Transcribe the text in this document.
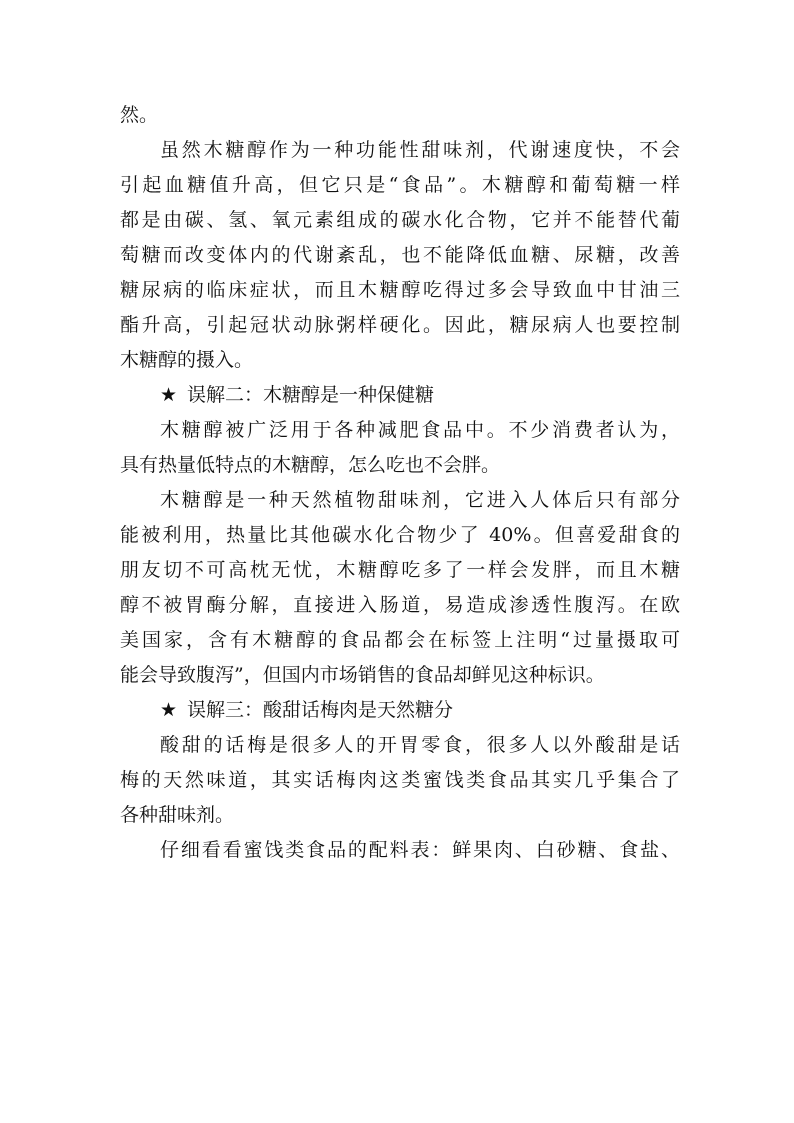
然。
虽然木糖醇作为一种功能性甜味剂，代谢速度快，不会
引起血糖值升高，但它只是“食品”。木糖醇和葡萄糖一样
都是由碳、氢、氧元素组成的碳水化合物，它并不能替代葡
萄糖而改变体内的代谢紊乱，也不能降低血糖、尿糖，改善
糖尿病的临床症状，而且木糖醇吃得过多会导致血中甘油三
酯升高，引起冠状动脉粥样硬化。因此，糖尿病人也要控制
木糖醇的摄入。
★ 误解二：木糖醇是一种保健糖
木糖醇被广泛用于各种减肥食品中。不少消费者认为，
具有热量低特点的木糖醇，怎么吃也不会胖。
木糖醇是一种天然植物甜味剂，它进入人体后只有部分
能被利用，热量比其他碳水化合物少了 40%。但喜爱甜食的
朋友切不可高枕无忧，木糖醇吃多了一样会发胖，而且木糖
醇不被胃酶分解，直接进入肠道，易造成渗透性腹泻。在欧
美国家，含有木糖醇的食品都会在标签上注明“过量摄取可
能会导致腹泻”，但国内市场销售的食品却鲜见这种标识。
★ 误解三：酸甜话梅肉是天然糖分
酸甜的话梅是很多人的开胃零食，很多人以外酸甜是话
梅的天然味道，其实话梅肉这类蜜饯类食品其实几乎集合了
各种甜味剂。
仔细看看蜜饯类食品的配料表：鲜果肉、白砂糖、食盐、
